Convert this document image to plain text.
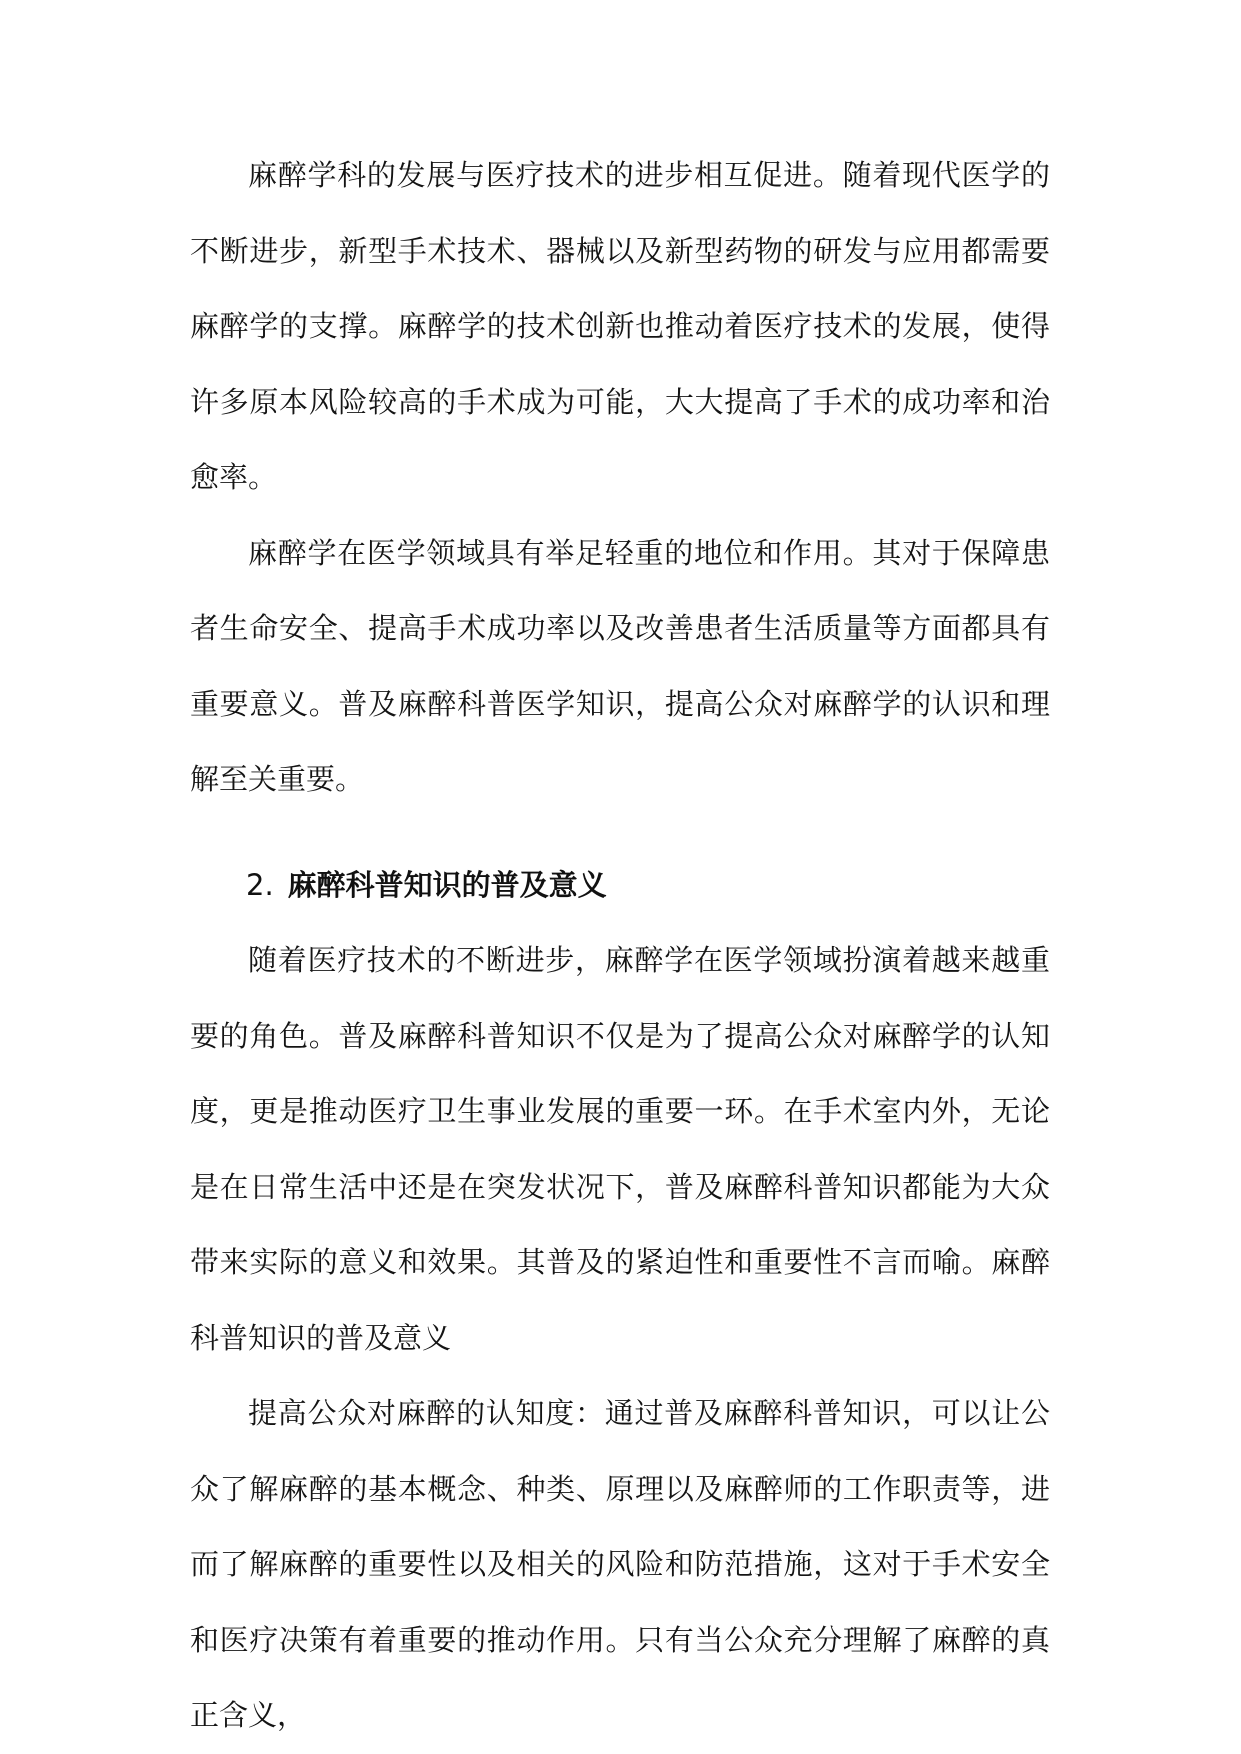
麻醉学科的发展与医疗技术的进步相互促进。随着现代医学的不断进步，新型手术技术、器械以及新型药物的研发与应用都需要麻醉学的支撑。麻醉学的技术创新也推动着医疗技术的发展，使得许多原本风险较高的手术成为可能，大大提高了手术的成功率和治愈率。

麻醉学在医学领域具有举足轻重的地位和作用。其对于保障患者生命安全、提高手术成功率以及改善患者生活质量等方面都具有重要意义。普及麻醉科普医学知识，提高公众对麻醉学的认识和理解至关重要。

2. 麻醉科普知识的普及意义

随着医疗技术的不断进步，麻醉学在医学领域扮演着越来越重要的角色。普及麻醉科普知识不仅是为了提高公众对麻醉学的认知度，更是推动医疗卫生事业发展的重要一环。在手术室内外，无论是在日常生活中还是在突发状况下，普及麻醉科普知识都能为大众带来实际的意义和效果。其普及的紧迫性和重要性不言而喻。麻醉科普知识的普及意义

提高公众对麻醉的认知度：通过普及麻醉科普知识，可以让公众了解麻醉的基本概念、种类、原理以及麻醉师的工作职责等，进而了解麻醉的重要性以及相关的风险和防范措施，这对于手术安全和医疗决策有着重要的推动作用。只有当公众充分理解了麻醉的真正含义，
